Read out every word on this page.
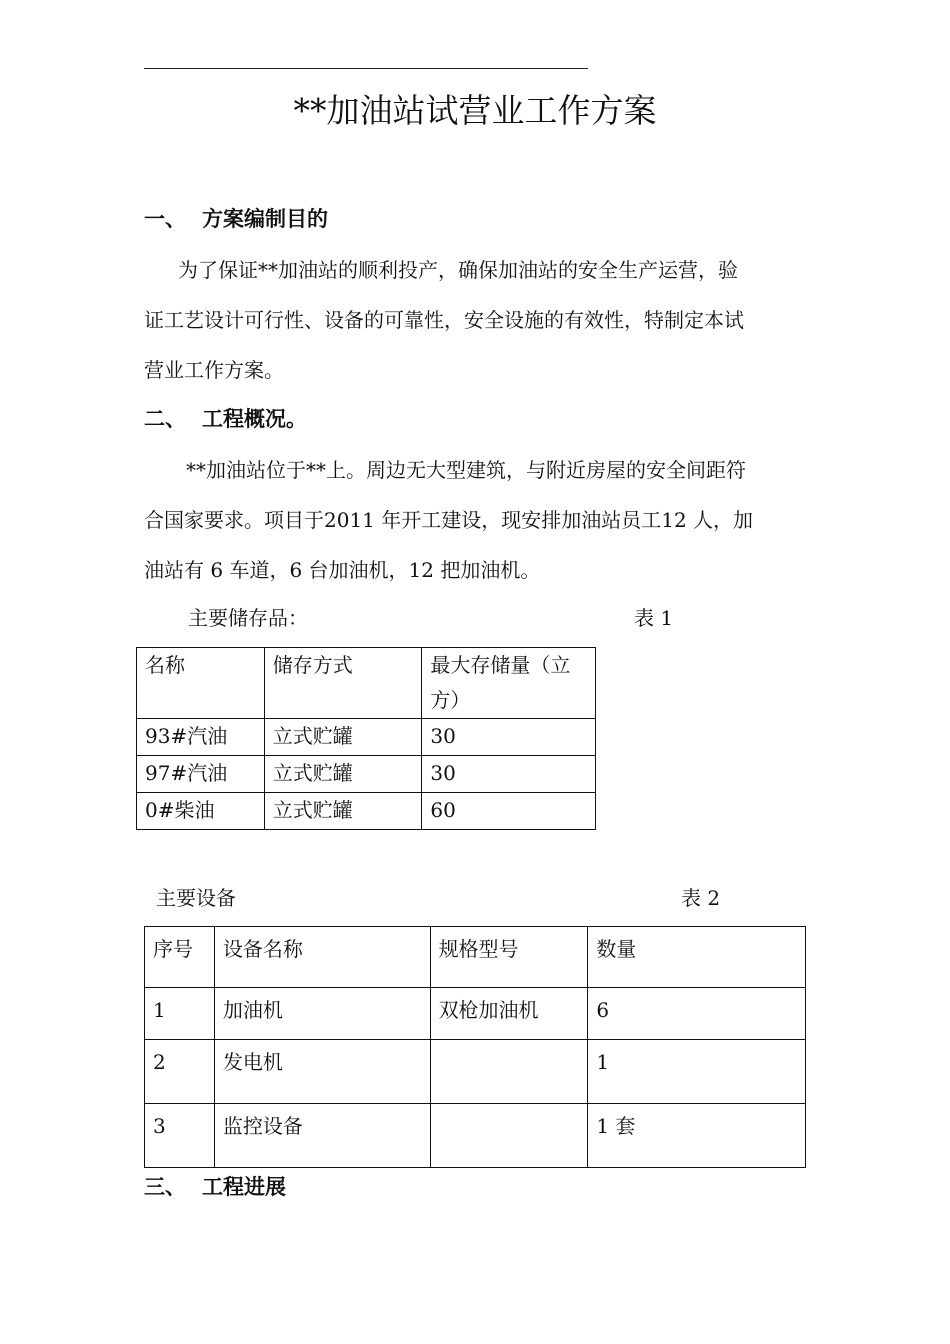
**加油站试营业工作方案
一、 方案编制目的
为了保证**加油站的顺利投产，确保加油站的安全生产运营，验
证工艺设计可行性、设备的可靠性，安全设施的有效性，特制定本试
营业工作方案。
二、 工程概况。
**加油站位于**上。周边无大型建筑，与附近房屋的安全间距符
合国家要求。项目于2011 年开工建设，现安排加油站员工12 人，加
油站有 6 车道，6 台加油机，12 把加油机。
主要储存品：	表 1
名称	储存方式	最大存储量（立
方）

93#汽油	立式贮罐	30
97#汽油	立式贮罐	30
0#柴油	立式贮罐	60
主要设备	表 2
序号	设备名称	规格型号	数量
1	加油机	双枪加油机	6
2	发电机		1
3	监控设备		1 套
三、 工程进展
